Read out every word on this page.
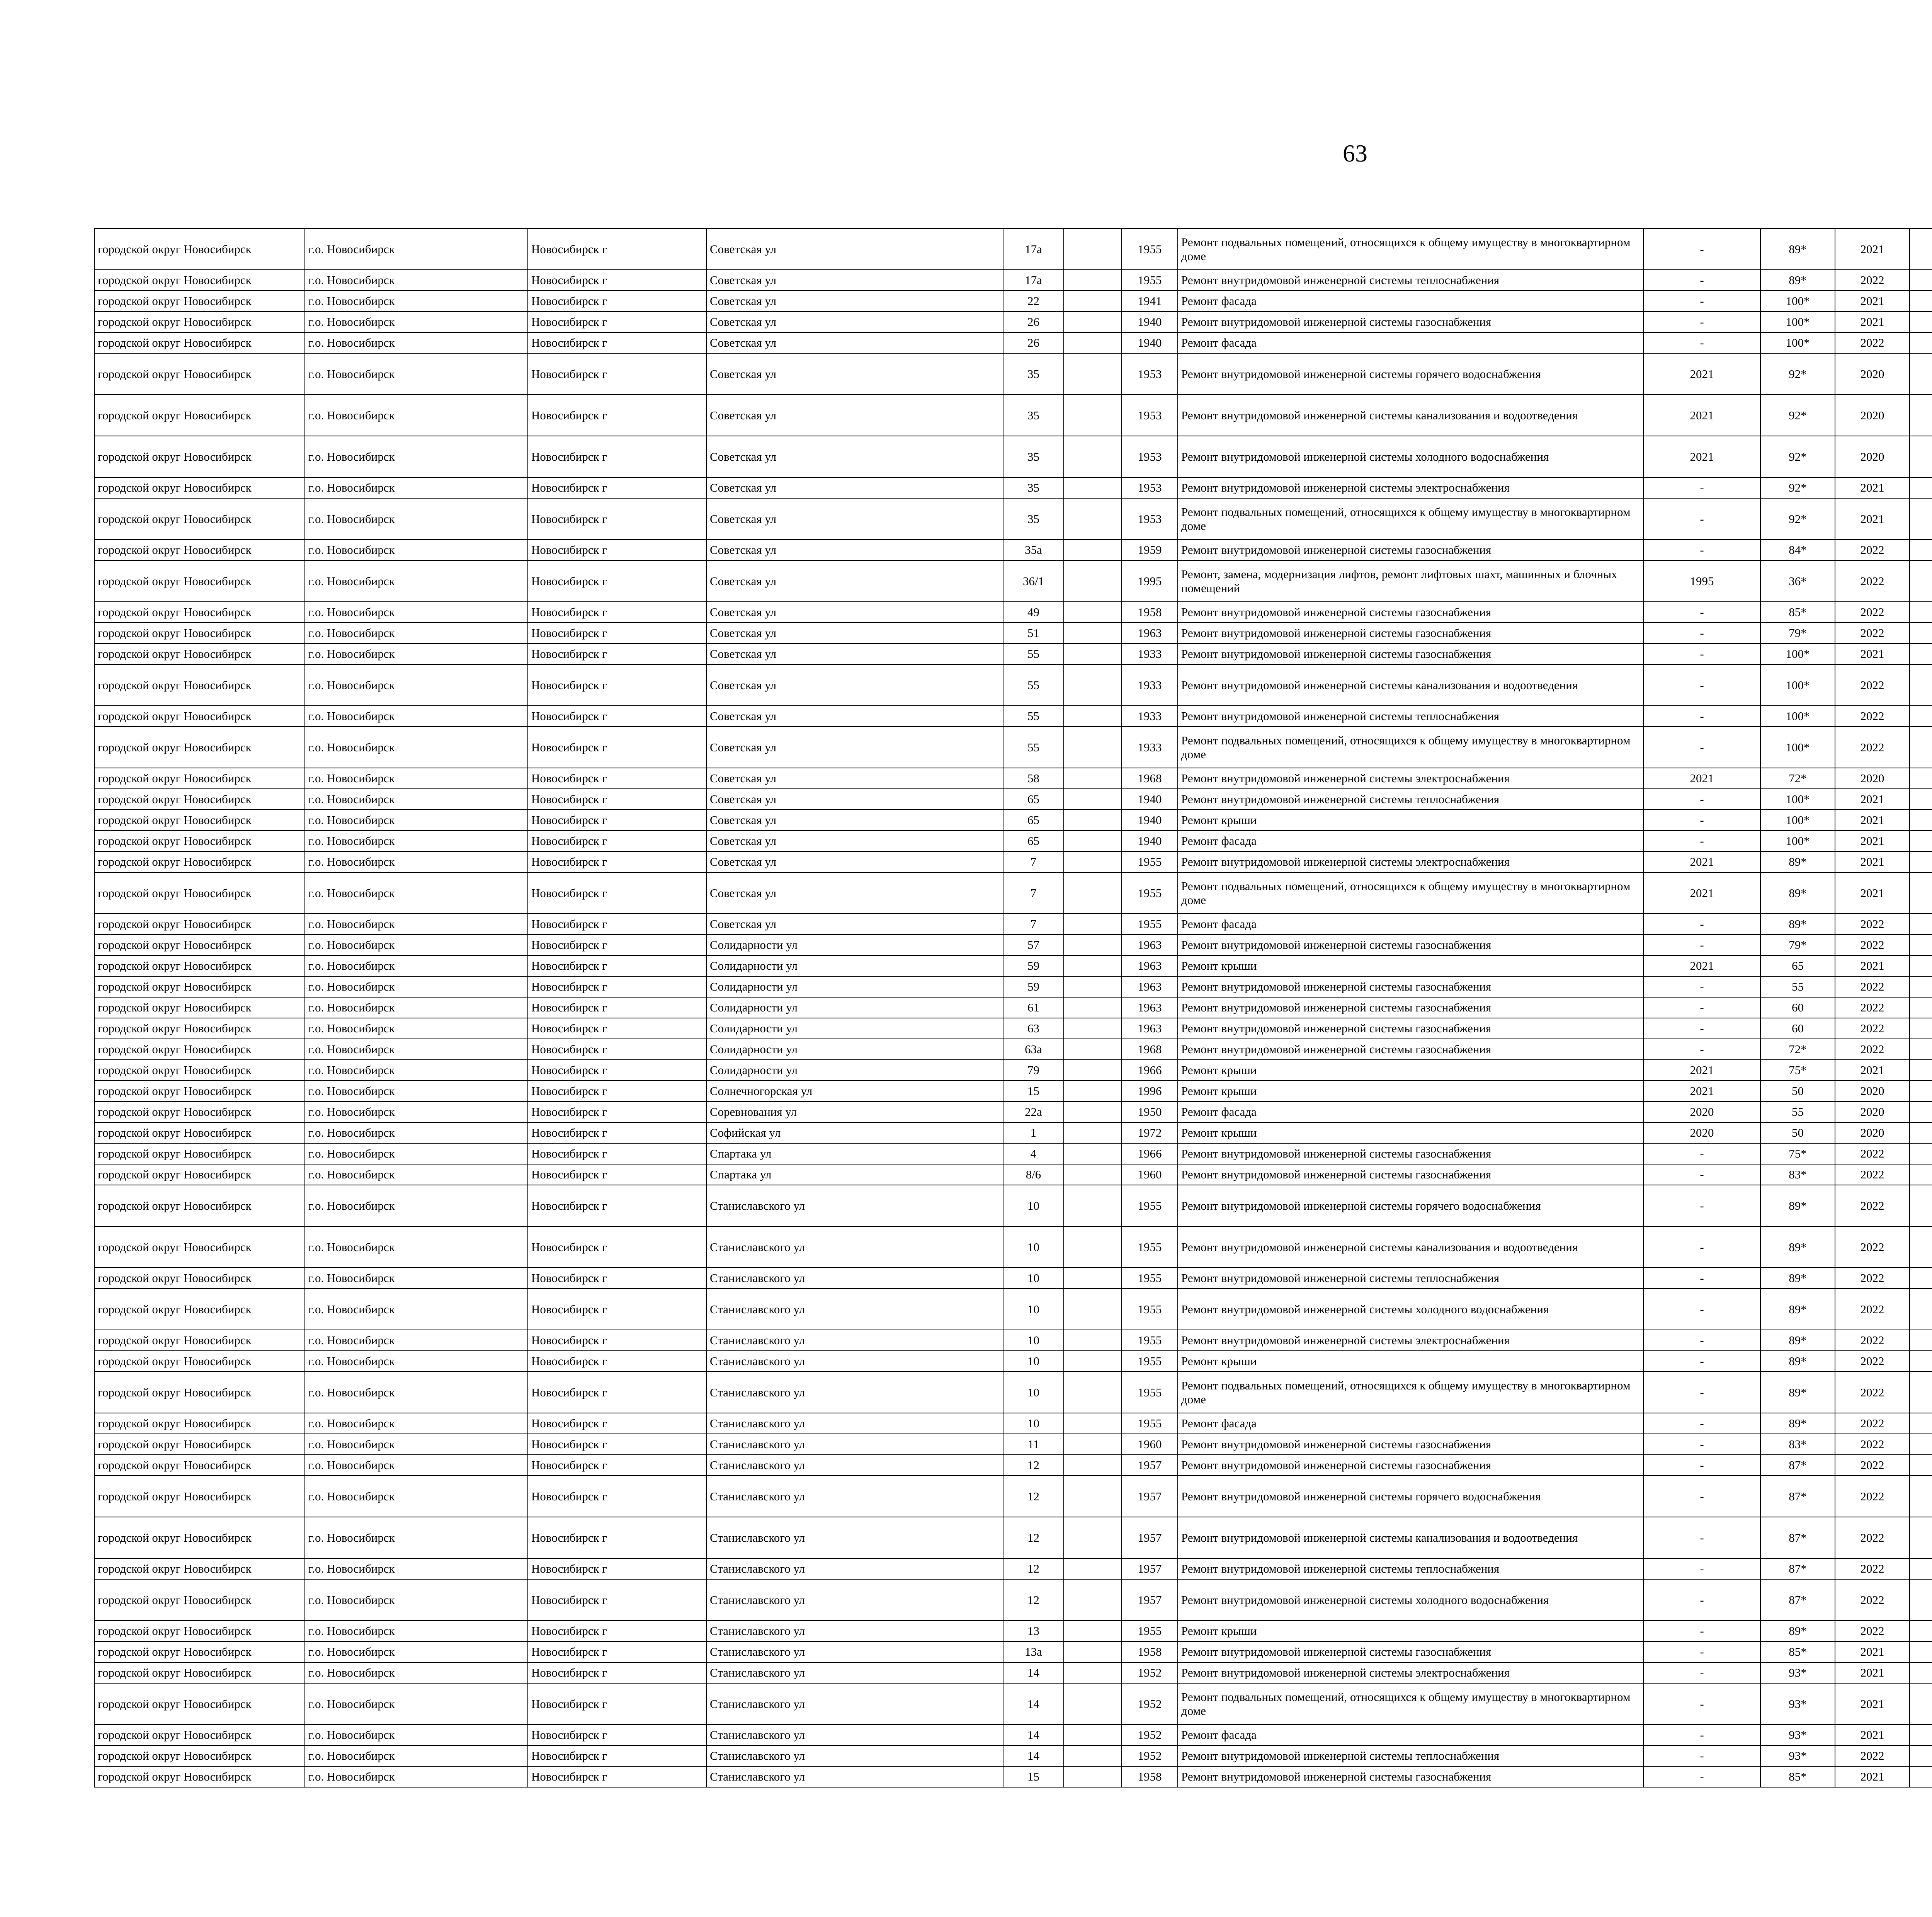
63
городской округ Новосибирск	г.о. Новосибирск	Новосибирск г	Советская ул	17а		1955	Ремонт подвальных помещений, относящихся к общему имуществу в многоквартирном доме	-	89*	2021						
городской округ Новосибирск	г.о. Новосибирск	Новосибирск г	Советская ул	17а		1955	Ремонт внутридомовой инженерной системы теплоснабжения	-	89*	2022						
городской округ Новосибирск	г.о. Новосибирск	Новосибирск г	Советская ул	22		1941	Ремонт фасада	-	100*	2021						
городской округ Новосибирск	г.о. Новосибирск	Новосибирск г	Советская ул	26		1940	Ремонт внутридомовой инженерной системы газоснабжения	-	100*	2021						
городской округ Новосибирск	г.о. Новосибирск	Новосибирск г	Советская ул	26		1940	Ремонт фасада	-	100*	2022						
городской округ Новосибирск	г.о. Новосибирск	Новосибирск г	Советская ул	35		1953	Ремонт внутридомовой инженерной системы горячего водоснабжения	2021	92*	2020						
городской округ Новосибирск	г.о. Новосибирск	Новосибирск г	Советская ул	35		1953	Ремонт внутридомовой инженерной системы канализования и водоотведения	2021	92*	2020						
городской округ Новосибирск	г.о. Новосибирск	Новосибирск г	Советская ул	35		1953	Ремонт внутридомовой инженерной системы холодного водоснабжения	2021	92*	2020						
городской округ Новосибирск	г.о. Новосибирск	Новосибирск г	Советская ул	35		1953	Ремонт внутридомовой инженерной системы электроснабжения	-	92*	2021						
городской округ Новосибирск	г.о. Новосибирск	Новосибирск г	Советская ул	35		1953	Ремонт подвальных помещений, относящихся к общему имуществу в многоквартирном доме	-	92*	2021						
городской округ Новосибирск	г.о. Новосибирск	Новосибирск г	Советская ул	35а		1959	Ремонт внутридомовой инженерной системы газоснабжения	-	84*	2022						
городской округ Новосибирск	г.о. Новосибирск	Новосибирск г	Советская ул	36/1		1995	Ремонт, замена, модернизация лифтов, ремонт лифтовых шахт, машинных и блочных помещений	1995	36*	2022						
городской округ Новосибирск	г.о. Новосибирск	Новосибирск г	Советская ул	49		1958	Ремонт внутридомовой инженерной системы газоснабжения	-	85*	2022						
городской округ Новосибирск	г.о. Новосибирск	Новосибирск г	Советская ул	51		1963	Ремонт внутридомовой инженерной системы газоснабжения	-	79*	2022						
городской округ Новосибирск	г.о. Новосибирск	Новосибирск г	Советская ул	55		1933	Ремонт внутридомовой инженерной системы газоснабжения	-	100*	2021						
городской округ Новосибирск	г.о. Новосибирск	Новосибирск г	Советская ул	55		1933	Ремонт внутридомовой инженерной системы канализования и водоотведения	-	100*	2022						
городской округ Новосибирск	г.о. Новосибирск	Новосибирск г	Советская ул	55		1933	Ремонт внутридомовой инженерной системы теплоснабжения	-	100*	2022						
городской округ Новосибирск	г.о. Новосибирск	Новосибирск г	Советская ул	55		1933	Ремонт подвальных помещений, относящихся к общему имуществу в многоквартирном доме	-	100*	2022						
городской округ Новосибирск	г.о. Новосибирск	Новосибирск г	Советская ул	58		1968	Ремонт внутридомовой инженерной системы электроснабжения	2021	72*	2020						
городской округ Новосибирск	г.о. Новосибирск	Новосибирск г	Советская ул	65		1940	Ремонт внутридомовой инженерной системы теплоснабжения	-	100*	2021						
городской округ Новосибирск	г.о. Новосибирск	Новосибирск г	Советская ул	65		1940	Ремонт крыши	-	100*	2021						
городской округ Новосибирск	г.о. Новосибирск	Новосибирск г	Советская ул	65		1940	Ремонт фасада	-	100*	2021						
городской округ Новосибирск	г.о. Новосибирск	Новосибирск г	Советская ул	7		1955	Ремонт внутридомовой инженерной системы электроснабжения	2021	89*	2021						
городской округ Новосибирск	г.о. Новосибирск	Новосибирск г	Советская ул	7		1955	Ремонт подвальных помещений, относящихся к общему имуществу в многоквартирном доме	2021	89*	2021						
городской округ Новосибирск	г.о. Новосибирск	Новосибирск г	Советская ул	7		1955	Ремонт фасада	-	89*	2022						
городской округ Новосибирск	г.о. Новосибирск	Новосибирск г	Солидарности ул	57		1963	Ремонт внутридомовой инженерной системы газоснабжения	-	79*	2022						
городской округ Новосибирск	г.о. Новосибирск	Новосибирск г	Солидарности ул	59		1963	Ремонт крыши	2021	65	2021						
городской округ Новосибирск	г.о. Новосибирск	Новосибирск г	Солидарности ул	59		1963	Ремонт внутридомовой инженерной системы газоснабжения	-	55	2022						
городской округ Новосибирск	г.о. Новосибирск	Новосибирск г	Солидарности ул	61		1963	Ремонт внутридомовой инженерной системы газоснабжения	-	60	2022						
городской округ Новосибирск	г.о. Новосибирск	Новосибирск г	Солидарности ул	63		1963	Ремонт внутридомовой инженерной системы газоснабжения	-	60	2022						
городской округ Новосибирск	г.о. Новосибирск	Новосибирск г	Солидарности ул	63а		1968	Ремонт внутридомовой инженерной системы газоснабжения	-	72*	2022						
городской округ Новосибирск	г.о. Новосибирск	Новосибирск г	Солидарности ул	79		1966	Ремонт крыши	2021	75*	2021						
городской округ Новосибирск	г.о. Новосибирск	Новосибирск г	Солнечногорская ул	15		1996	Ремонт крыши	2021	50	2020						
городской округ Новосибирск	г.о. Новосибирск	Новосибирск г	Соревнования ул	22а		1950	Ремонт фасада	2020	55	2020						
городской округ Новосибирск	г.о. Новосибирск	Новосибирск г	Софийская ул	1		1972	Ремонт крыши	2020	50	2020						
городской округ Новосибирск	г.о. Новосибирск	Новосибирск г	Спартака ул	4		1966	Ремонт внутридомовой инженерной системы газоснабжения	-	75*	2022						
городской округ Новосибирск	г.о. Новосибирск	Новосибирск г	Спартака ул	8/6		1960	Ремонт внутридомовой инженерной системы газоснабжения	-	83*	2022						
городской округ Новосибирск	г.о. Новосибирск	Новосибирск г	Станиславского ул	10		1955	Ремонт внутридомовой инженерной системы горячего водоснабжения	-	89*	2022						
городской округ Новосибирск	г.о. Новосибирск	Новосибирск г	Станиславского ул	10		1955	Ремонт внутридомовой инженерной системы канализования и водоотведения	-	89*	2022						
городской округ Новосибирск	г.о. Новосибирск	Новосибирск г	Станиславского ул	10		1955	Ремонт внутридомовой инженерной системы теплоснабжения	-	89*	2022						
городской округ Новосибирск	г.о. Новосибирск	Новосибирск г	Станиславского ул	10		1955	Ремонт внутридомовой инженерной системы холодного водоснабжения	-	89*	2022						
городской округ Новосибирск	г.о. Новосибирск	Новосибирск г	Станиславского ул	10		1955	Ремонт внутридомовой инженерной системы электроснабжения	-	89*	2022						
городской округ Новосибирск	г.о. Новосибирск	Новосибирск г	Станиславского ул	10		1955	Ремонт крыши	-	89*	2022						
городской округ Новосибирск	г.о. Новосибирск	Новосибирск г	Станиславского ул	10		1955	Ремонт подвальных помещений, относящихся к общему имуществу в многоквартирном доме	-	89*	2022						
городской округ Новосибирск	г.о. Новосибирск	Новосибирск г	Станиславского ул	10		1955	Ремонт фасада	-	89*	2022						
городской округ Новосибирск	г.о. Новосибирск	Новосибирск г	Станиславского ул	11		1960	Ремонт внутридомовой инженерной системы газоснабжения	-	83*	2022						
городской округ Новосибирск	г.о. Новосибирск	Новосибирск г	Станиславского ул	12		1957	Ремонт внутридомовой инженерной системы газоснабжения	-	87*	2022						
городской округ Новосибирск	г.о. Новосибирск	Новосибирск г	Станиславского ул	12		1957	Ремонт внутридомовой инженерной системы горячего водоснабжения	-	87*	2022						
городской округ Новосибирск	г.о. Новосибирск	Новосибирск г	Станиславского ул	12		1957	Ремонт внутридомовой инженерной системы канализования и водоотведения	-	87*	2022						
городской округ Новосибирск	г.о. Новосибирск	Новосибирск г	Станиславского ул	12		1957	Ремонт внутридомовой инженерной системы теплоснабжения	-	87*	2022						
городской округ Новосибирск	г.о. Новосибирск	Новосибирск г	Станиславского ул	12		1957	Ремонт внутридомовой инженерной системы холодного водоснабжения	-	87*	2022						
городской округ Новосибирск	г.о. Новосибирск	Новосибирск г	Станиславского ул	13		1955	Ремонт крыши	-	89*	2022						
городской округ Новосибирск	г.о. Новосибирск	Новосибирск г	Станиславского ул	13а		1958	Ремонт внутридомовой инженерной системы газоснабжения	-	85*	2021						
городской округ Новосибирск	г.о. Новосибирск	Новосибирск г	Станиславского ул	14		1952	Ремонт внутридомовой инженерной системы электроснабжения	-	93*	2021						
городской округ Новосибирск	г.о. Новосибирск	Новосибирск г	Станиславского ул	14		1952	Ремонт подвальных помещений, относящихся к общему имуществу в многоквартирном доме	-	93*	2021						
городской округ Новосибирск	г.о. Новосибирск	Новосибирск г	Станиславского ул	14		1952	Ремонт фасада	-	93*	2021						
городской округ Новосибирск	г.о. Новосибирск	Новосибирск г	Станиславского ул	14		1952	Ремонт внутридомовой инженерной системы теплоснабжения	-	93*	2022						
городской округ Новосибирск	г.о. Новосибирск	Новосибирск г	Станиславского ул	15		1958	Ремонт внутридомовой инженерной системы газоснабжения	-	85*	2021						
